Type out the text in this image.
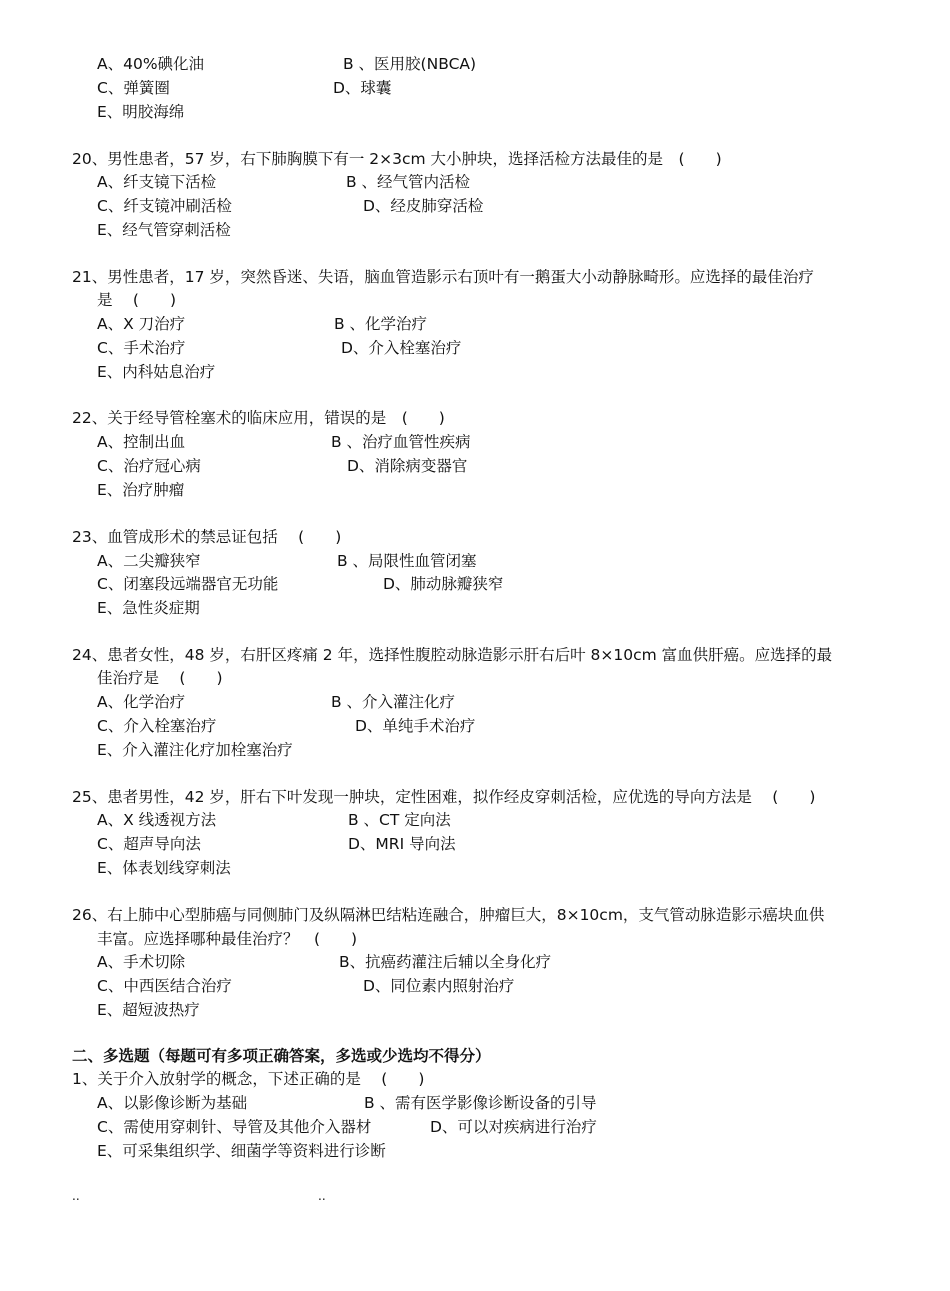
A、40%碘化油	B 、医用胶(NBCA)
C、弹簧圈	D、球囊
E、明胶海绵
20、男性患者，57 岁，右下肺胸膜下有一 2×3cm 大小肿块，选择活检方法最佳的是　(　　)
A、纤支镜下活检	B 、经气管内活检
C、纤支镜冲刷活检	D、经皮肺穿活检
E、经气管穿刺活检
21、男性患者，17 岁，突然昏迷、失语，脑血管造影示右顶叶有一鹅蛋大小动静脉畸形。应选择的最佳治疗
是　 (　　)
A、X 刀治疗	B 、化学治疗
C、手术治疗	D、介入栓塞治疗
E、内科姑息治疗
22、关于经导管栓塞术的临床应用，错误的是　(　　)
A、控制出血	B 、治疗血管性疾病
C、治疗冠心病	D、消除病变器官
E、治疗肿瘤
23、血管成形术的禁忌证包括　 (　　)
A、二尖瓣狭窄	B 、局限性血管闭塞
C、闭塞段远端器官无功能	D、肺动脉瓣狭窄
E、急性炎症期
24、患者女性，48 岁，右肝区疼痛 2 年，选择性腹腔动脉造影示肝右后叶 8×10cm 富血供肝癌。应选择的最
佳治疗是　 (　　)
A、化学治疗	B 、介入灌注化疗
C、介入栓塞治疗	D、单纯手术治疗
E、介入灌注化疗加栓塞治疗
25、患者男性，42 岁，肝右下叶发现一肿块，定性困难，拟作经皮穿刺活检，应优选的导向方法是　 (　　)
A、X 线透视方法	B 、CT 定向法
C、超声导向法	D、MRI 导向法
E、体表划线穿刺法
26、右上肺中心型肺癌与同侧肺门及纵隔淋巴结粘连融合，肿瘤巨大，8×10cm，支气管动脉造影示癌块血供
丰富。应选择哪种最佳治疗？　(　　)
A、手术切除	B、抗癌药灌注后辅以全身化疗
C、中西医结合治疗	D、同位素内照射治疗
E、超短波热疗
二、多选题（每题可有多项正确答案，多选或少选均不得分）
1、关于介入放射学的概念，下述正确的是　 (　　)
A、以影像诊断为基础	B 、需有医学影像诊断设备的引导
C、需使用穿刺针、导管及其他介入器材	D、可以对疾病进行治疗
E、可采集组织学、细菌学等资料进行诊断
..	..
